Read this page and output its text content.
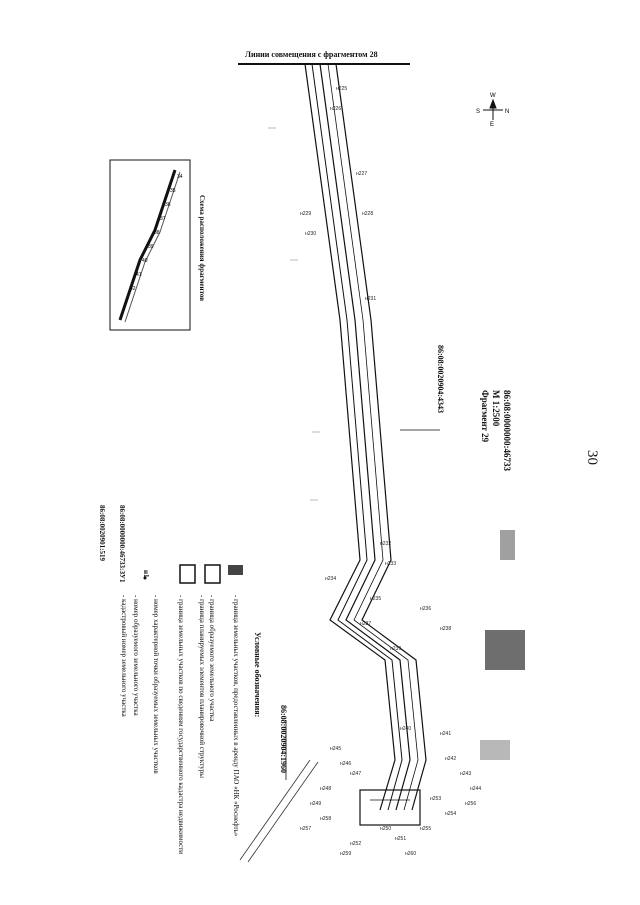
N
S
W
E
34
35
36
37
38
39
40
41
42
н225
н226
н227
н228
н229
н230
н231
н232
н233
н234
н235
н236
н237
н238
н239
н240
н241
н242
н243
н244
н245
н246
н247
н248
н249
н250
н251
н252
н253
н254
н255
н256
н257
н258
н259	н260
30
Линии совмещения с фрагментом 28
86:08:0000000:46733
М 1:2500
Фрагмент 29
86:08:0020904:4343
86:08:0020904:1960
Схема расположения фрагментов
Условные обозначения:
- граница земельных участков, предоставленных в аренду ПАО «НК «Роснефть»
- граница образуемого земельного участка
- граница планируемых элементов планировочной структуры
- граница земельных участков по сведениям государственного кадастра недвижимости
- номер характерной точки образуемых земельных участков
- номер образуемого земельного участка
- кадастровый номер земельного участка
н1
86:08:0000000:46733:ЗУ1
86:08:0020901:519
